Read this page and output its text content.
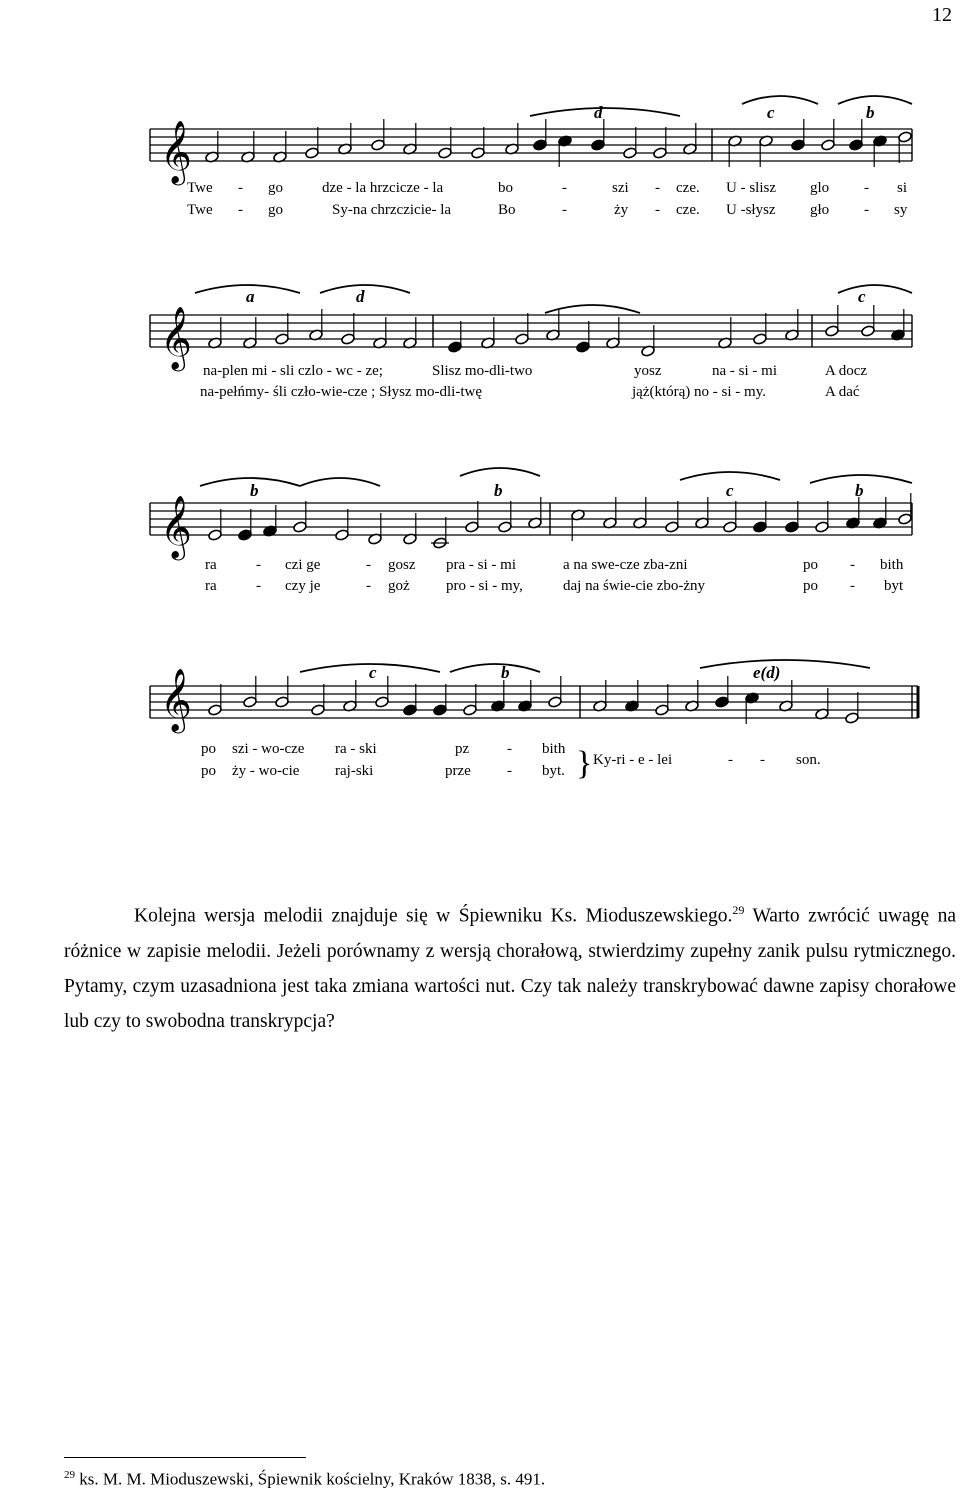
12
𝄞
d	c	b
Twe - go	dze - la hrzcicze - la	bo	-	szi - cze. U - slisz glo - si
Twe - go	Sy-na chrzczicie- la	Bo	-	ży - cze. U -słysz gło - sy
𝄞
a	d	c
na-plen mi - sli czlo - wc - ze;	Slisz mo-dli-two	yosz	na - si - mi	A docz
na-pełńmy- śli czło-wie-cze ; Słysz mo-dli-twę	jąż(którą) no - si - my.	A dać
𝄞
b	b	c	b
ra	- czi ge	- gosz pra - si - mi	a na swe-cze zba-zni	po - bith
ra	- czy je	- goż pro - si - my,	daj na świe-cie zbo-żny	po - byt
𝄞	c	b	e(d)
po szi - wo-cze ra - ski	pz	- bith
po ży - wo-cie raj-ski	prze - byt. } Ky-ri - e - lei	- - son.

Kolejna wersja melodii znajduje się w Śpiewniku Ks. Mioduszewskiego.$^{29}$ Warto zwrócić uwagę na różnice w zapisie melodii. Jeżeli porównamy z wersją chorałową, stwierdzimy zupełny zanik pulsu rytmicznego. Pytamy, czym uzasadniona jest taka zmiana wartości nut. Czy tak należy transkrybować dawne zapisy chorałowe lub czy to swobodna transkrypcja?

$^{29}$ ks. M. M. Mioduszewski, Śpiewnik kościelny, Kraków 1838, s. 491.
